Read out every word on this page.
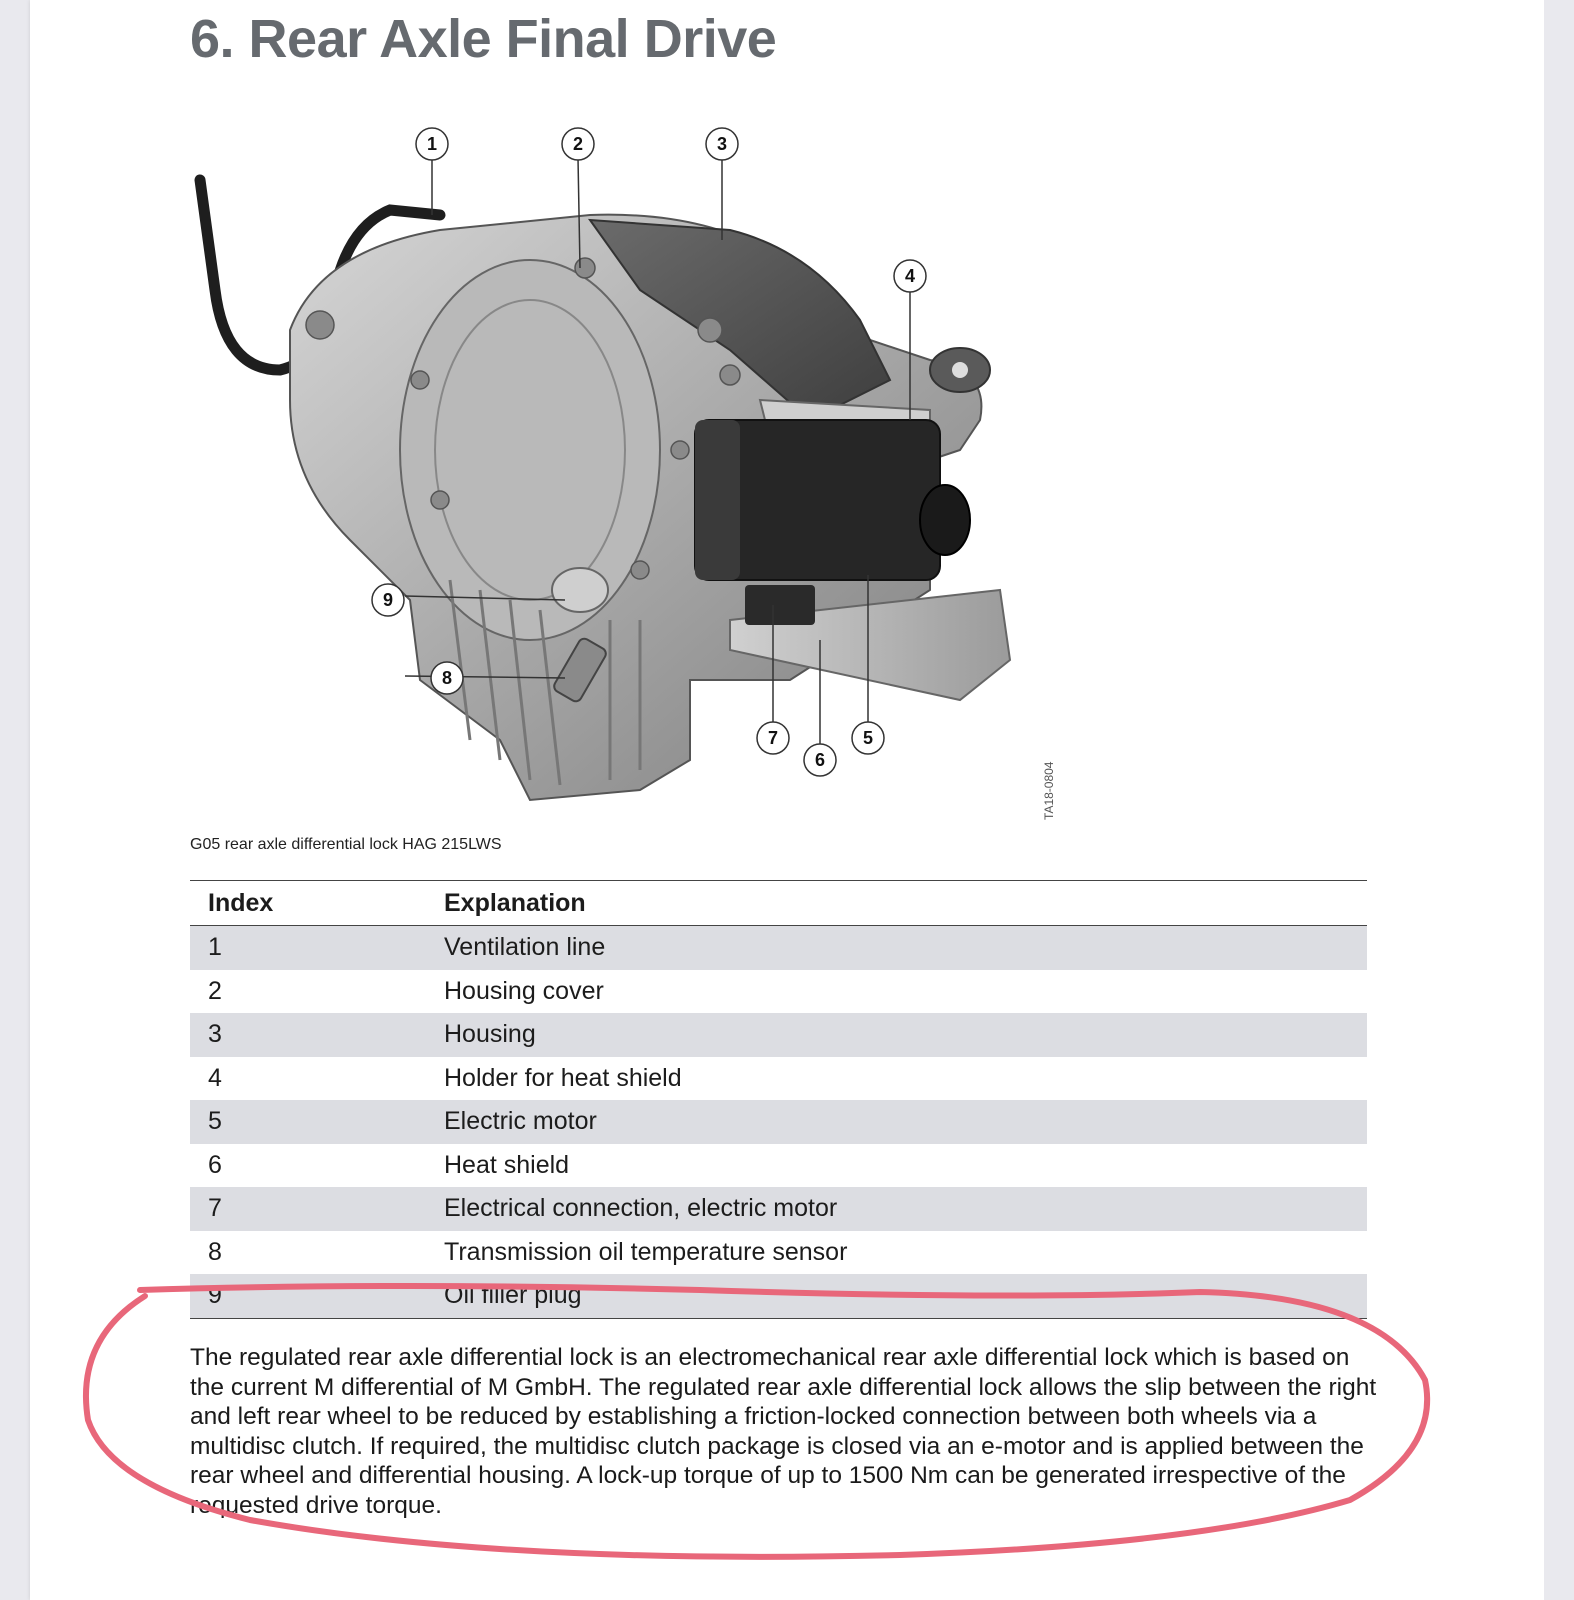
6. Rear Axle Final Drive
1	2	3
4
5
6
7
8
9
TA18-0804
G05 rear axle differential lock HAG 215LWS
Index	Explanation
1	Ventilation line
2	Housing cover
3	Housing
4	Holder for heat shield
5	Electric motor
6	Heat shield
7	Electrical connection, electric motor
8	Transmission oil temperature sensor
9	Oil filler plug

The regulated rear axle differential lock is an electromechanical rear axle differential lock which is based on the current M differential of M GmbH. The regulated rear axle differential lock allows the slip between the right and left rear wheel to be reduced by establishing a friction-locked connection between both wheels via a multidisc clutch. If required, the multidisc clutch package is closed via an e-motor and is applied between the rear wheel and differential housing. A lock-up torque of up to 1500 Nm can be generated irrespective of the requested drive torque.
